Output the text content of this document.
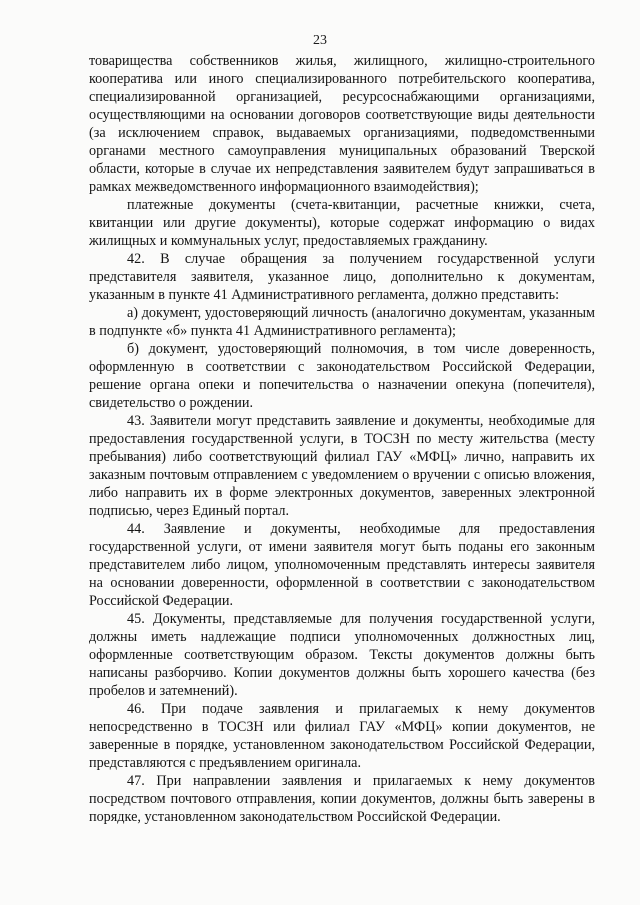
23

товарищества собственников жилья, жилищного, жилищно-строительного кооператива или иного специализированного потребительского кооператива, специализированной организацией, ресурсоснабжающими организациями, осуществляющими на основании договоров соответствующие виды деятельности (за исключением справок, выдаваемых организациями, подведомственными органами местного самоуправления муниципальных образований Тверской области, которые в случае их непредставления заявителем будут запрашиваться в рамках межведомственного информационного взаимодействия);

платежные документы (счета-квитанции, расчетные книжки, счета, квитанции или другие документы), которые содержат информацию о видах жилищных и коммунальных услуг, предоставляемых гражданину.

42. В случае обращения за получением государственной услуги представителя заявителя, указанное лицо, дополнительно к документам, указанным в пункте 41 Административного регламента, должно представить:

а) документ, удостоверяющий личность (аналогично документам, указанным в подпункте «б» пункта 41 Административного регламента);

б) документ, удостоверяющий полномочия, в том числе доверенность, оформленную в соответствии с законодательством Российской Федерации, решение органа опеки и попечительства о назначении опекуна (попечителя), свидетельство о рождении.

43. Заявители могут представить заявление и документы, необходимые для предоставления государственной услуги, в ТОСЗН по месту жительства (месту пребывания) либо соответствующий филиал ГАУ «МФЦ» лично, направить их заказным почтовым отправлением с уведомлением о вручении с описью вложения, либо направить их в форме электронных документов, заверенных электронной подписью, через Единый портал.

44. Заявление и документы, необходимые для предоставления государственной услуги, от имени заявителя могут быть поданы его законным представителем либо лицом, уполномоченным представлять интересы заявителя на основании доверенности, оформленной в соответствии с законодательством Российской Федерации.

45. Документы, представляемые для получения государственной услуги, должны иметь надлежащие подписи уполномоченных должностных лиц, оформленные соответствующим образом. Тексты документов должны быть написаны разборчиво. Копии документов должны быть хорошего качества (без пробелов и затемнений).

46. При подаче заявления и прилагаемых к нему документов непосредственно в ТОСЗН или филиал ГАУ «МФЦ» копии документов, не заверенные в порядке, установленном законодательством Российской Федерации, представляются с предъявлением оригинала.

47. При направлении заявления и прилагаемых к нему документов посредством почтового отправления, копии документов, должны быть заверены в порядке, установленном законодательством Российской Федерации.
